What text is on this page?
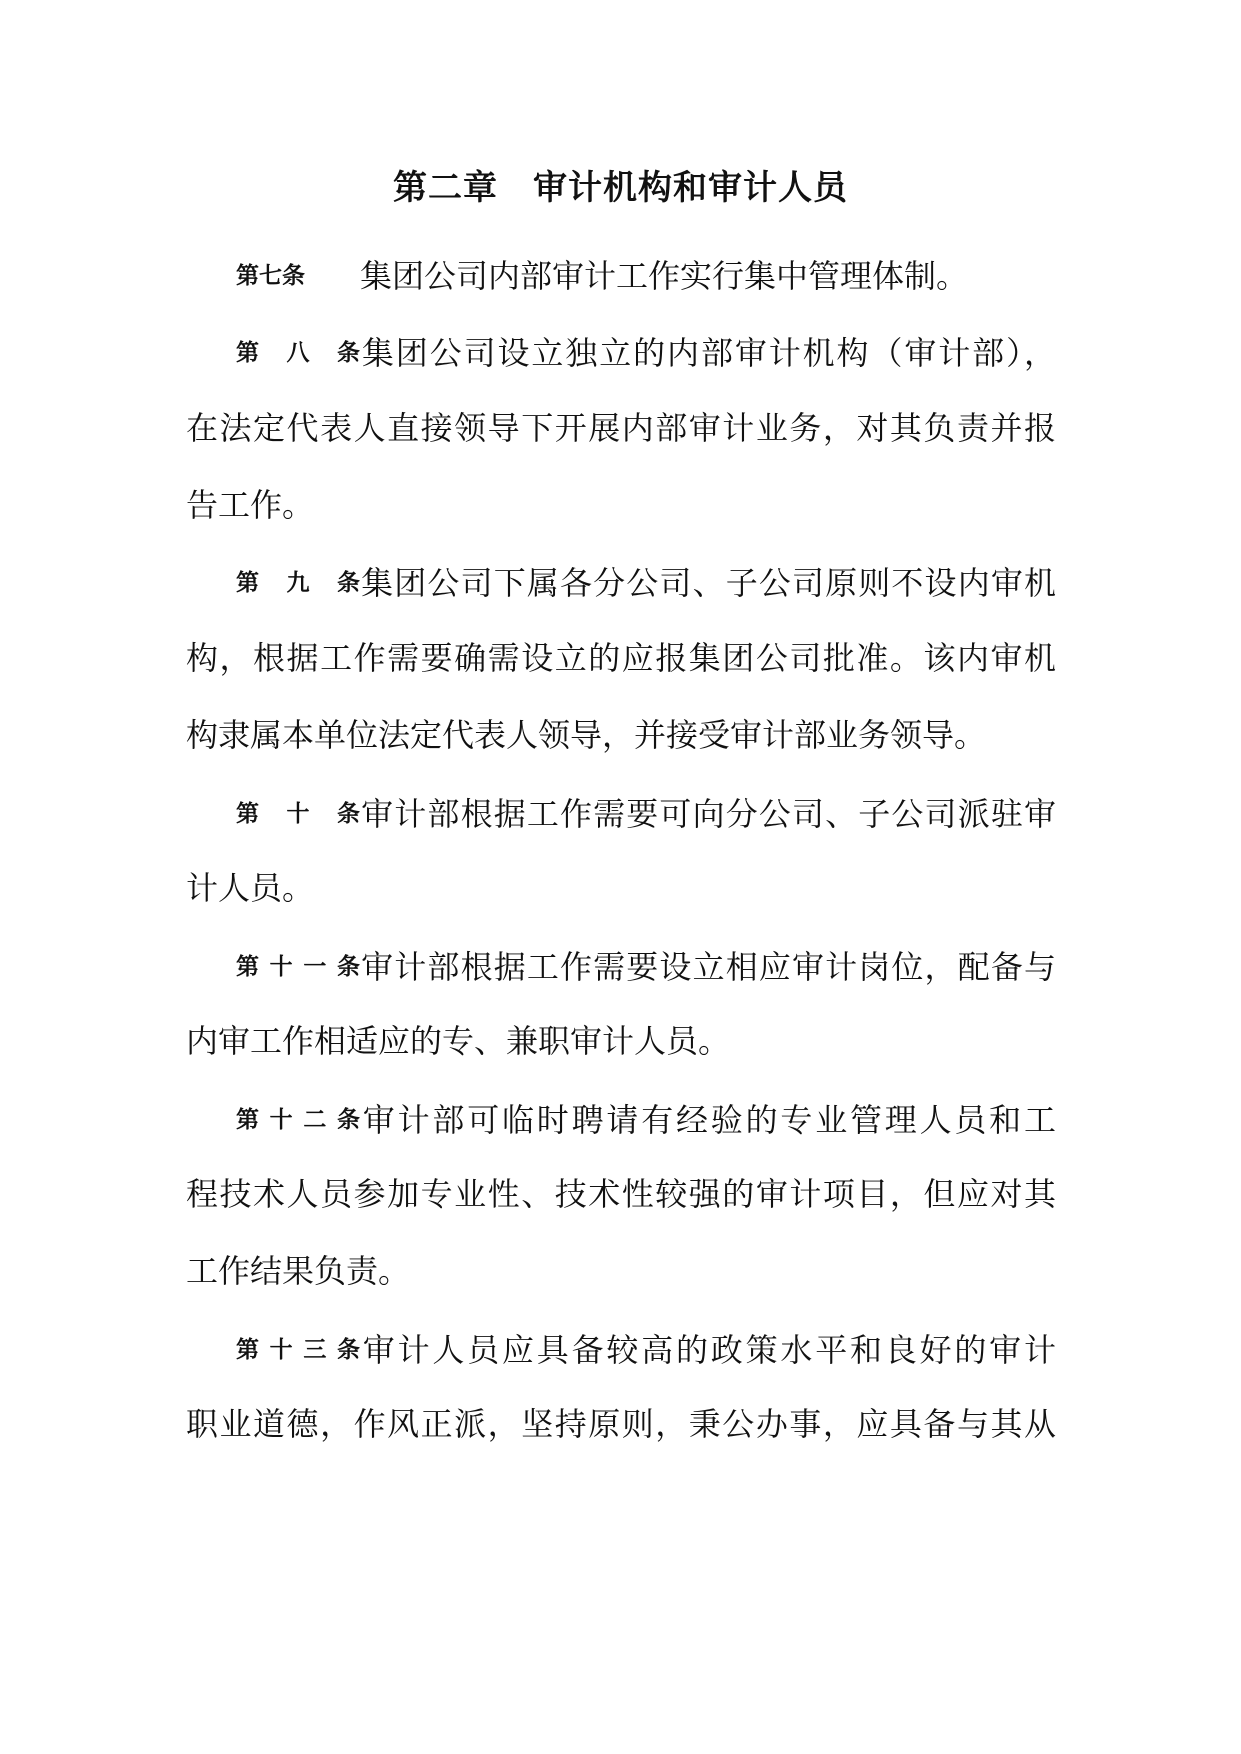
第二章　审计机构和审计人员
第七条 集团公司内部审计工作实行集中管理体制。
第八条集团公司设立独立的内部审计机构（审计部），
在法定代表人直接领导下开展内部审计业务，对其负责并报
告工作。
第九条集团公司下属各分公司、子公司原则不设内审机
构，根据工作需要确需设立的应报集团公司批准。该内审机
构隶属本单位法定代表人领导，并接受审计部业务领导。
第十条审计部根据工作需要可向分公司、子公司派驻审
计人员。
第十一条审计部根据工作需要设立相应审计岗位，配备与
内审工作相适应的专、兼职审计人员。
第十二条审计部可临时聘请有经验的专业管理人员和工
程技术人员参加专业性、技术性较强的审计项目，但应对其
工作结果负责。
第十三条审计人员应具备较高的政策水平和良好的审计
职业道德，作风正派，坚持原则，秉公办事，应具备与其从
